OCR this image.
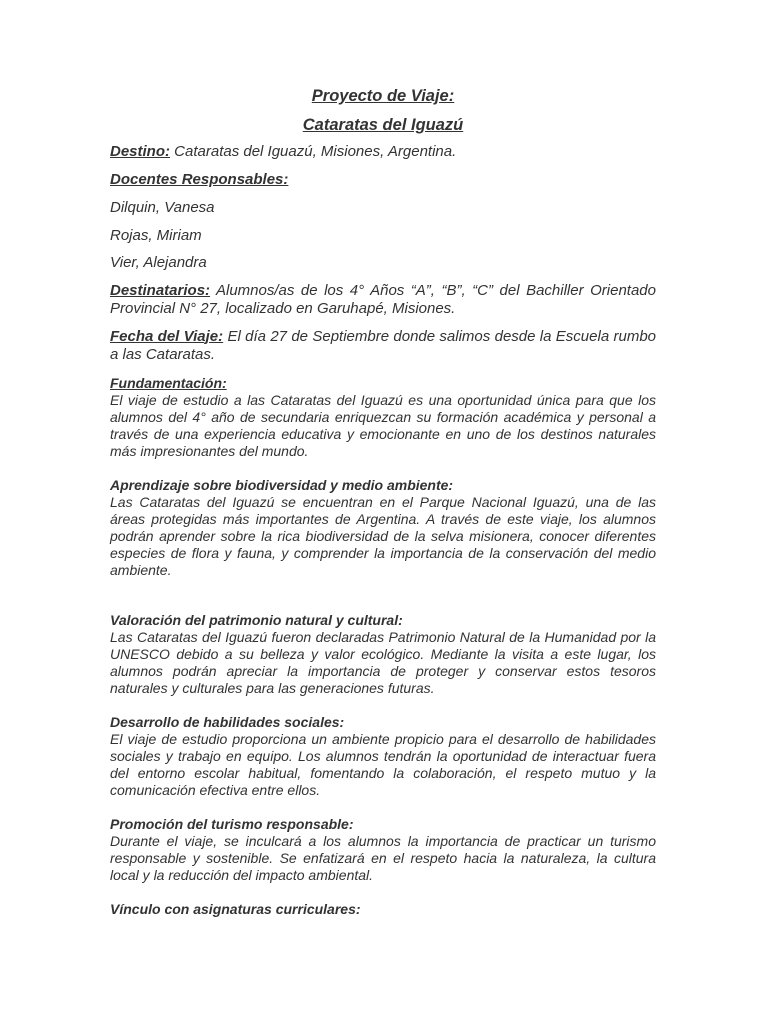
Proyecto de Viaje:

Cataratas del Iguazú

Destino: Cataratas del Iguazú, Misiones, Argentina.

Docentes Responsables:

Dilquin, Vanesa

Rojas, Miriam

Vier, Alejandra

Destinatarios: Alumnos/as de los 4° Años “A”, “B”, “C” del Bachiller Orientado Provincial N° 27, localizado en Garuhapé, Misiones.

Fecha del Viaje: El día 27 de Septiembre donde salimos desde la Escuela rumbo a las Cataratas.

Fundamentación:
El viaje de estudio a las Cataratas del Iguazú es una oportunidad única para que los alumnos del 4° año de secundaria enriquezcan su formación académica y personal a través de una experiencia educativa y emocionante en uno de los destinos naturales más impresionantes del mundo.
Aprendizaje sobre biodiversidad y medio ambiente:
Las Cataratas del Iguazú se encuentran en el Parque Nacional Iguazú, una de las áreas protegidas más importantes de Argentina. A través de este viaje, los alumnos podrán aprender sobre la rica biodiversidad de la selva misionera, conocer diferentes especies de flora y fauna, y comprender la importancia de la conservación del medio ambiente.
Valoración del patrimonio natural y cultural:
Las Cataratas del Iguazú fueron declaradas Patrimonio Natural de la Humanidad por la UNESCO debido a su belleza y valor ecológico. Mediante la visita a este lugar, los alumnos podrán apreciar la importancia de proteger y conservar estos tesoros naturales y culturales para las generaciones futuras.
Desarrollo de habilidades sociales:
El viaje de estudio proporciona un ambiente propicio para el desarrollo de habilidades sociales y trabajo en equipo. Los alumnos tendrán la oportunidad de interactuar fuera del entorno escolar habitual, fomentando la colaboración, el respeto mutuo y la comunicación efectiva entre ellos.
Promoción del turismo responsable:
Durante el viaje, se inculcará a los alumnos la importancia de practicar un turismo responsable y sostenible. Se enfatizará en el respeto hacia la naturaleza, la cultura local y la reducción del impacto ambiental.
Vínculo con asignaturas curriculares:
